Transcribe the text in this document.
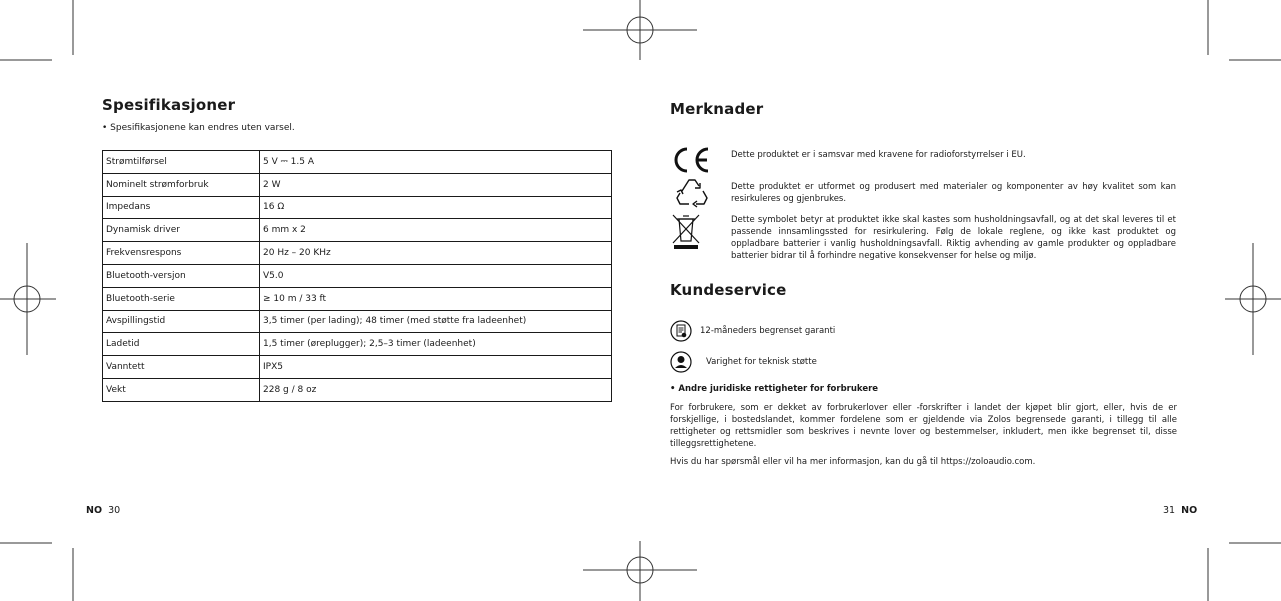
Spesifikasjoner
• Spesifikasjonene kan endres uten varsel.
Strømtilførsel	5 V ⎓ 1.5 A
Nominelt strømforbruk	2 W
Impedans	16 Ω
Dynamisk driver	6 mm x 2
Frekvensrespons	20 Hz – 20 KHz
Bluetooth-versjon	V5.0
Bluetooth-serie	≥ 10 m / 33 ft
Avspillingstid	3,5 timer (per lading); 48 timer (med støtte fra ladeenhet)
Ladetid	1,5 timer (øreplugger); 2,5–3 timer (ladeenhet)
Vanntett	IPX5
Vekt	228 g / 8 oz
NO 30
Merknader
Dette produktet er i samsvar med kravene for radioforstyrrelser i EU.
Dette produktet er utformet og produsert med materialer og komponenter av høy kvalitet som kan resirkuleres og gjenbrukes.
Dette symbolet betyr at produktet ikke skal kastes som husholdningsavfall, og at det skal leveres til et passende innsamlingssted for resirkulering. Følg de lokale reglene, og ikke kast produktet og oppladbare batterier i vanlig husholdningsavfall. Riktig avhending av gamle produkter og oppladbare batterier bidrar til å forhindre negative konsekvenser for helse og miljø.
Kundeservice
12-måneders begrenset garanti
Varighet for teknisk støtte
• Andre juridiske rettigheter for forbrukere
For forbrukere, som er dekket av forbrukerlover eller -forskrifter i landet der kjøpet blir gjort, eller, hvis de er forskjellige, i bostedslandet, kommer fordelene som er gjeldende via Zolos begrensede garanti, i tillegg til alle rettigheter og rettsmidler som beskrives i nevnte lover og bestemmelser, inkludert, men ikke begrenset til, disse tilleggsrettighetene.
Hvis du har spørsmål eller vil ha mer informasjon, kan du gå til https://zoloaudio.com.
31 NO
